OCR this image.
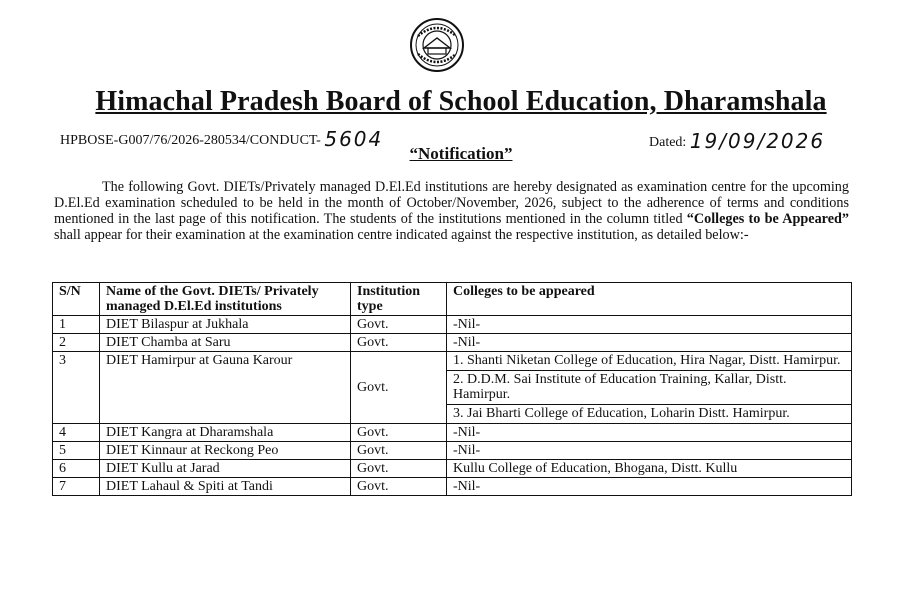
Himachal Pradesh Board of School Education, Dharamshala
HPBOSE-G007/76/2026-280534/CONDUCT- 5604	Dated: 19/09/2026
“Notification”
The following Govt. DIETs/Privately managed D.El.Ed institutions are hereby designated as examination centre for the upcoming D.El.Ed examination scheduled to be held in the month of October/November, 2026, subject to the adherence of terms and conditions mentioned in the last page of this notification. The students of the institutions mentioned in the column titled “Colleges to be Appeared” shall appear for their examination at the examination centre indicated against the respective institution, as detailed below:-
S/N	Name of the Govt. DIETs/ Privately managed D.El.Ed institutions	Institution type	Colleges to be appeared
1	DIET Bilaspur at Jukhala	Govt.	-Nil-
2	DIET Chamba at Saru	Govt.	-Nil-
3	DIET Hamirpur at Gauna Karour	Govt.	1. Shanti Niketan College of Education, Hira Nagar, Distt. Hamirpur.
2. D.D.M. Sai Institute of Education Training, Kallar, Distt. Hamirpur.
3. Jai Bharti College of Education, Loharin Distt. Hamirpur.

4	DIET Kangra at Dharamshala	Govt.	-Nil-
5	DIET Kinnaur at Reckong Peo	Govt.	-Nil-
6	DIET Kullu at Jarad	Govt.	Kullu College of Education, Bhogana, Distt. Kullu
7	DIET Lahaul & Spiti at Tandi	Govt.	-Nil-
